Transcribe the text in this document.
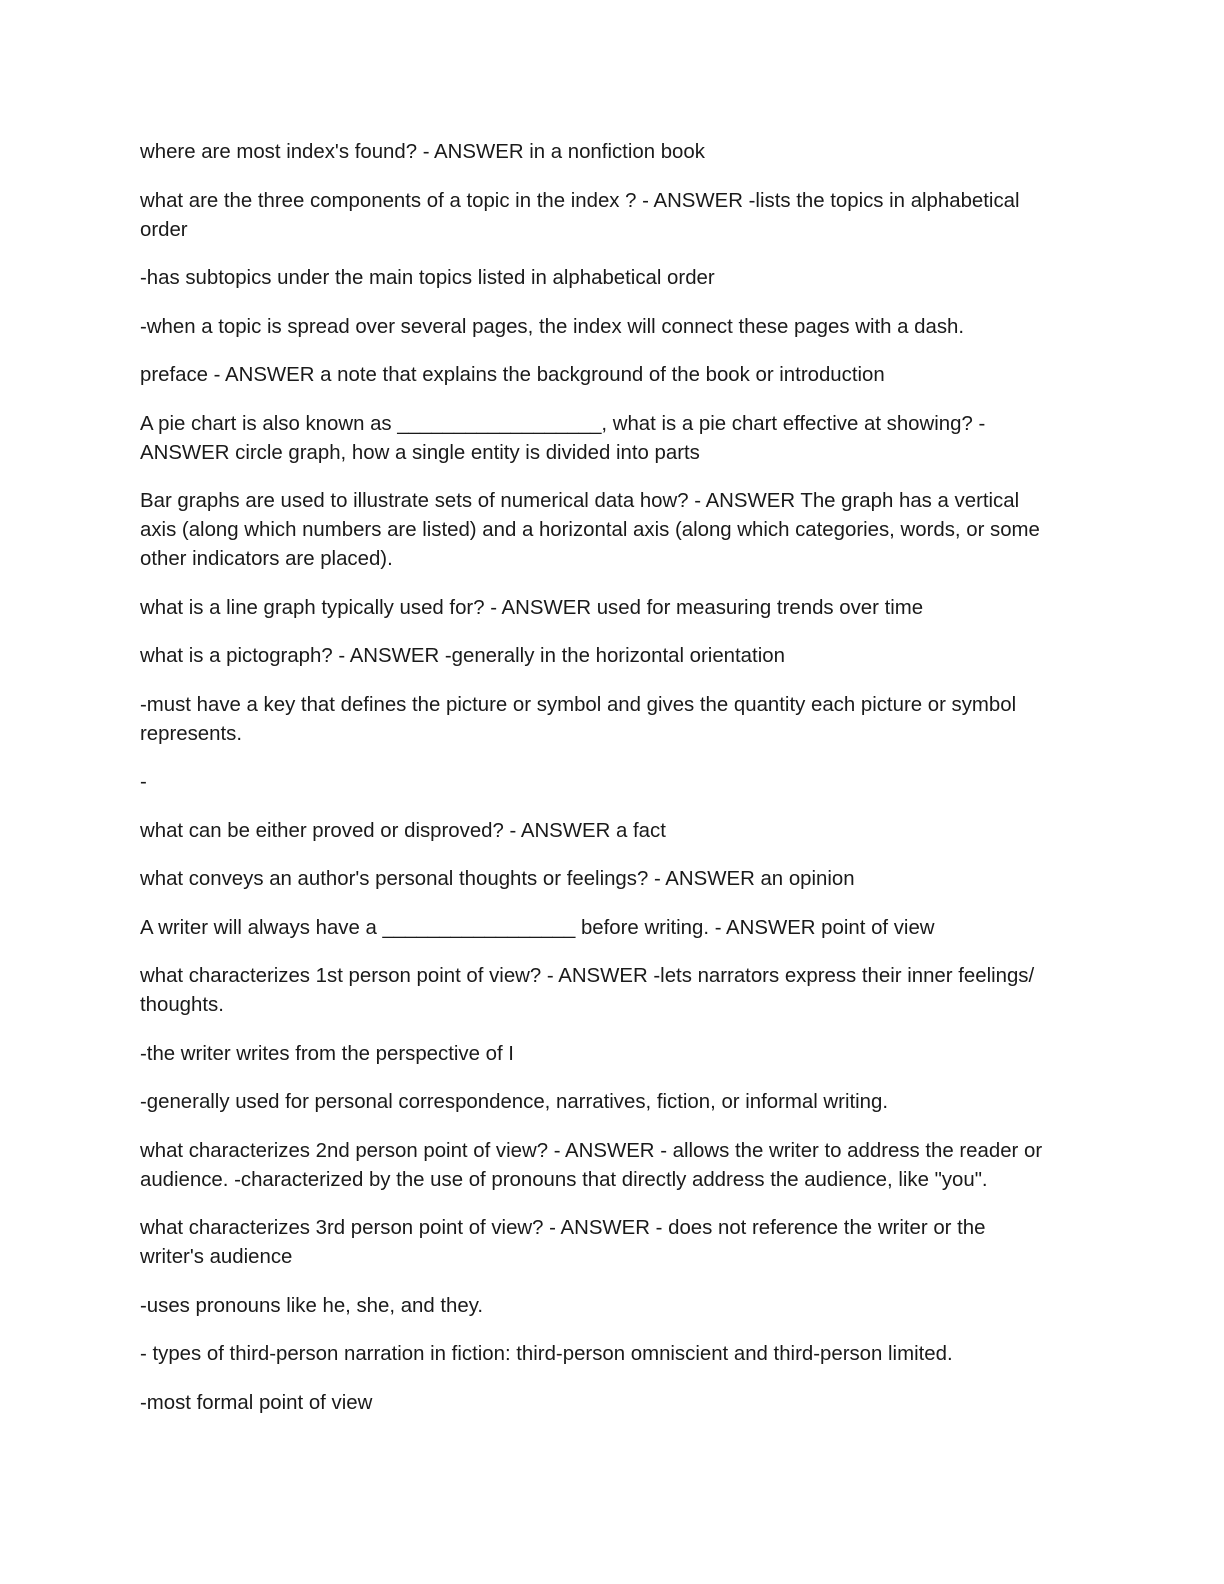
where are most index's found? - ANSWER in a nonfiction book

what are the three components of a topic in the index ? - ANSWER -lists the topics in alphabetical order

-has subtopics under the main topics listed in alphabetical order

-when a topic is spread over several pages, the index will connect these pages with a dash.

preface - ANSWER a note that explains the background of the book or introduction

A pie chart is also known as __________________, what is a pie chart effective at showing? - ANSWER circle graph, how a single entity is divided into parts

Bar graphs are used to illustrate sets of numerical data how? - ANSWER The graph has a vertical axis (along which numbers are listed) and a horizontal axis (along which categories, words, or some other indicators are placed).

what is a line graph typically used for? - ANSWER used for measuring trends over time

what is a pictograph? - ANSWER -generally in the horizontal orientation

-must have a key that defines the picture or symbol and gives the quantity each picture or symbol represents.

-

what can be either proved or disproved? - ANSWER a fact

what conveys an author's personal thoughts or feelings? - ANSWER an opinion

A writer will always have a _________________ before writing. - ANSWER point of view

what characterizes 1st person point of view? - ANSWER -lets narrators express their inner feelings/ thoughts.

-the writer writes from the perspective of I

-generally used for personal correspondence, narratives, fiction, or informal writing.

what characterizes 2nd person point of view? - ANSWER - allows the writer to address the reader or audience. -characterized by the use of pronouns that directly address the audience, like "you".

what characterizes 3rd person point of view? - ANSWER - does not reference the writer or the writer's audience

-uses pronouns like he, she, and they.

- types of third-person narration in fiction: third-person omniscient and third-person limited.

-most formal point of view
